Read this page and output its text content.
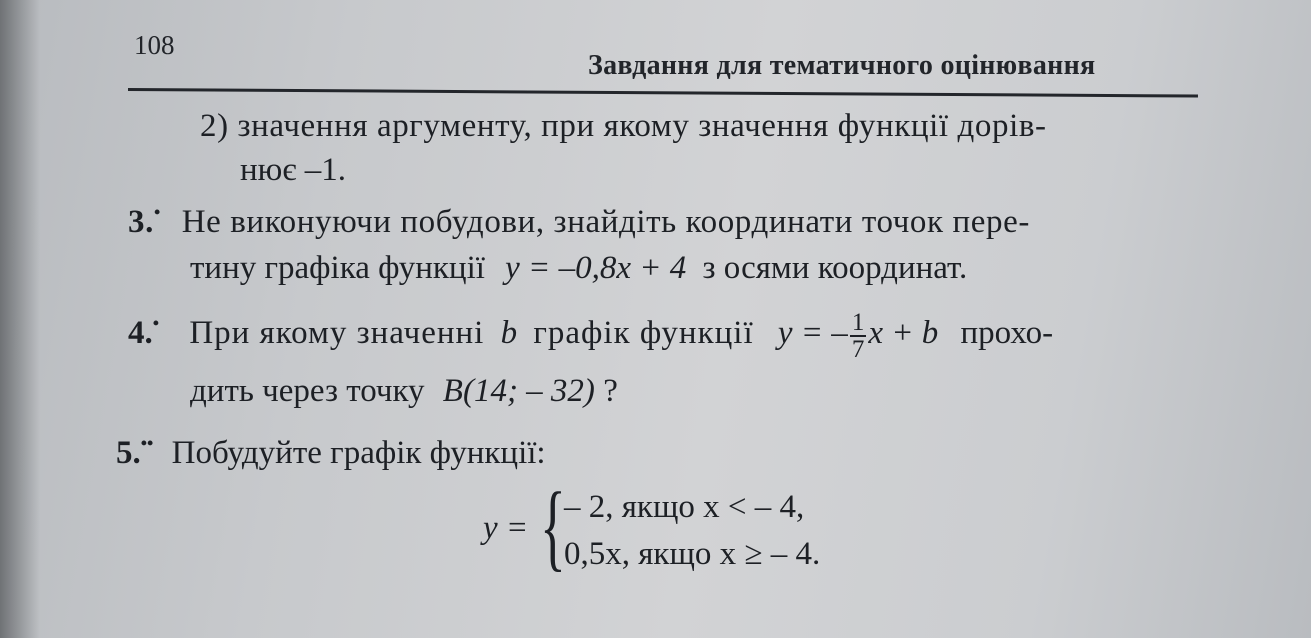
108
Завдання для тематичного оцінювання
2) значення аргументу, при якому значення функції дорів-
нює –1.
3.• Не виконуючи побудови, знайдіть координати точок пере-
тину графіка функції y = –0,8x + 4 з осями координат.
4.• При якому значенні b графік функції y = – $\frac{1}{7}$ x + b прохо-
дить через точку B(14; – 32) ?
5.•• Побудуйте графік функції:
y = {
– 2, якщо x < – 4,
0,5x, якщо x ≥ – 4.
